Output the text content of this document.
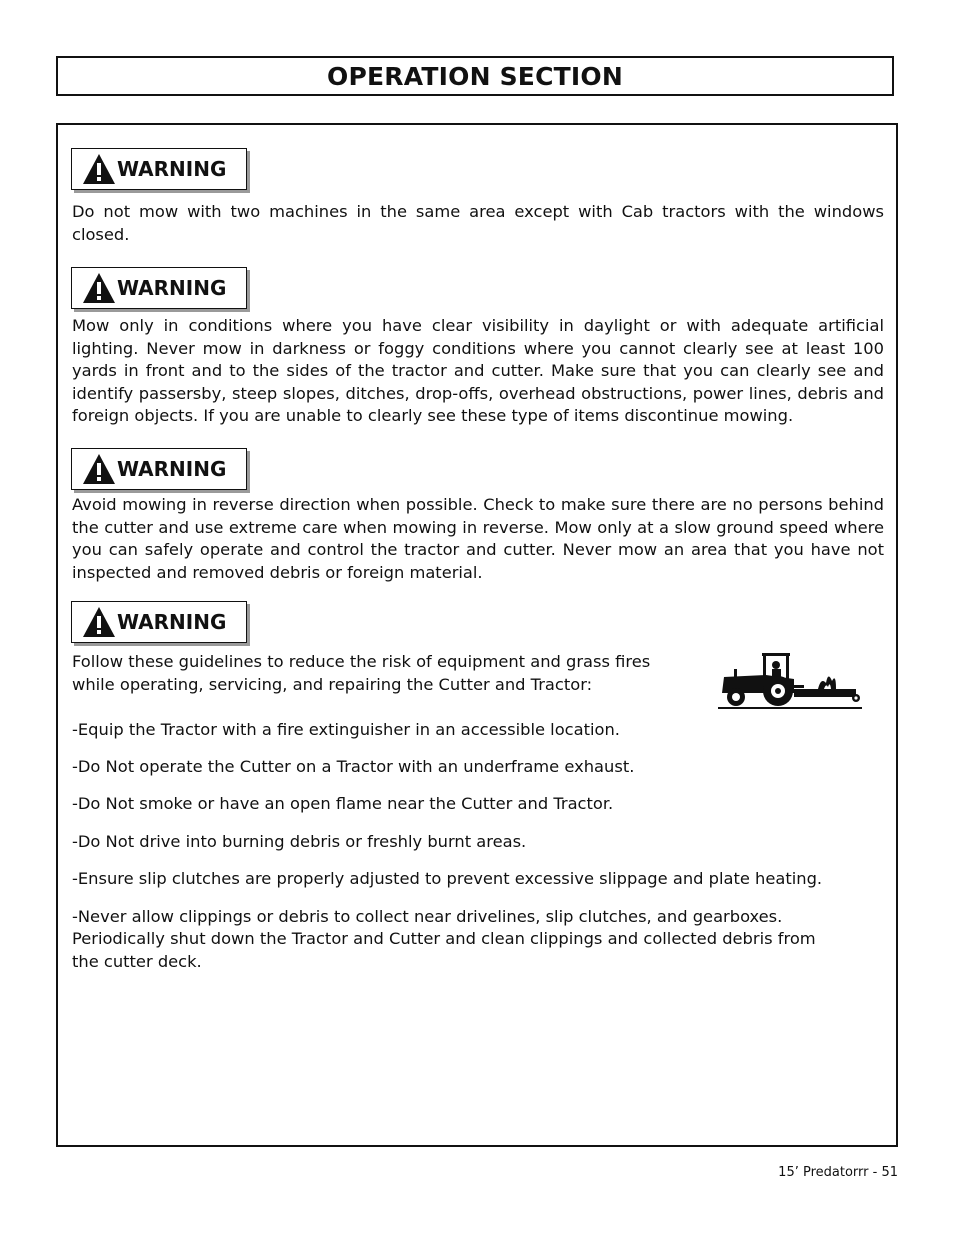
OPERATION SECTION
WARNING

Do not mow with two machines in the same area except with Cab tractors with the windows closed.

WARNING

Mow only in conditions where you have clear visibility in daylight or with adequate artificial lighting. Never mow in darkness or foggy conditions where you cannot clearly see at least 100 yards in front and to the sides of the tractor and cutter. Make sure that you can clearly see and identify passersby, steep slopes, ditches, drop-offs, overhead obstructions, power lines, debris and foreign objects. If you are unable to clearly see these type of items discontinue mowing.

WARNING

Avoid mowing in reverse direction when possible. Check to make sure there are no persons behind the cutter and use extreme care when mowing in reverse. Mow only at a slow ground speed where you can safely operate and control the tractor and cutter. Never mow an area that you have not inspected and removed debris or foreign material.

WARNING

Follow these guidelines to reduce the risk of equipment and grass fires

while operating, servicing, and repairing the Cutter and Tractor:

-Equip the Tractor with a fire extinguisher in an accessible location.

-Do Not operate the Cutter on a Tractor with an underframe exhaust.

-Do Not smoke or have an open flame near the Cutter and Tractor.

-Do Not drive into burning debris or freshly burnt areas.

-Ensure slip clutches are properly adjusted to prevent excessive slippage and plate heating.

-Never allow clippings or debris to collect near drivelines, slip clutches, and gearboxes.

Periodically shut down the Tractor and Cutter and clean clippings and collected debris from

the cutter deck.

15’ Predatorrr - 51
